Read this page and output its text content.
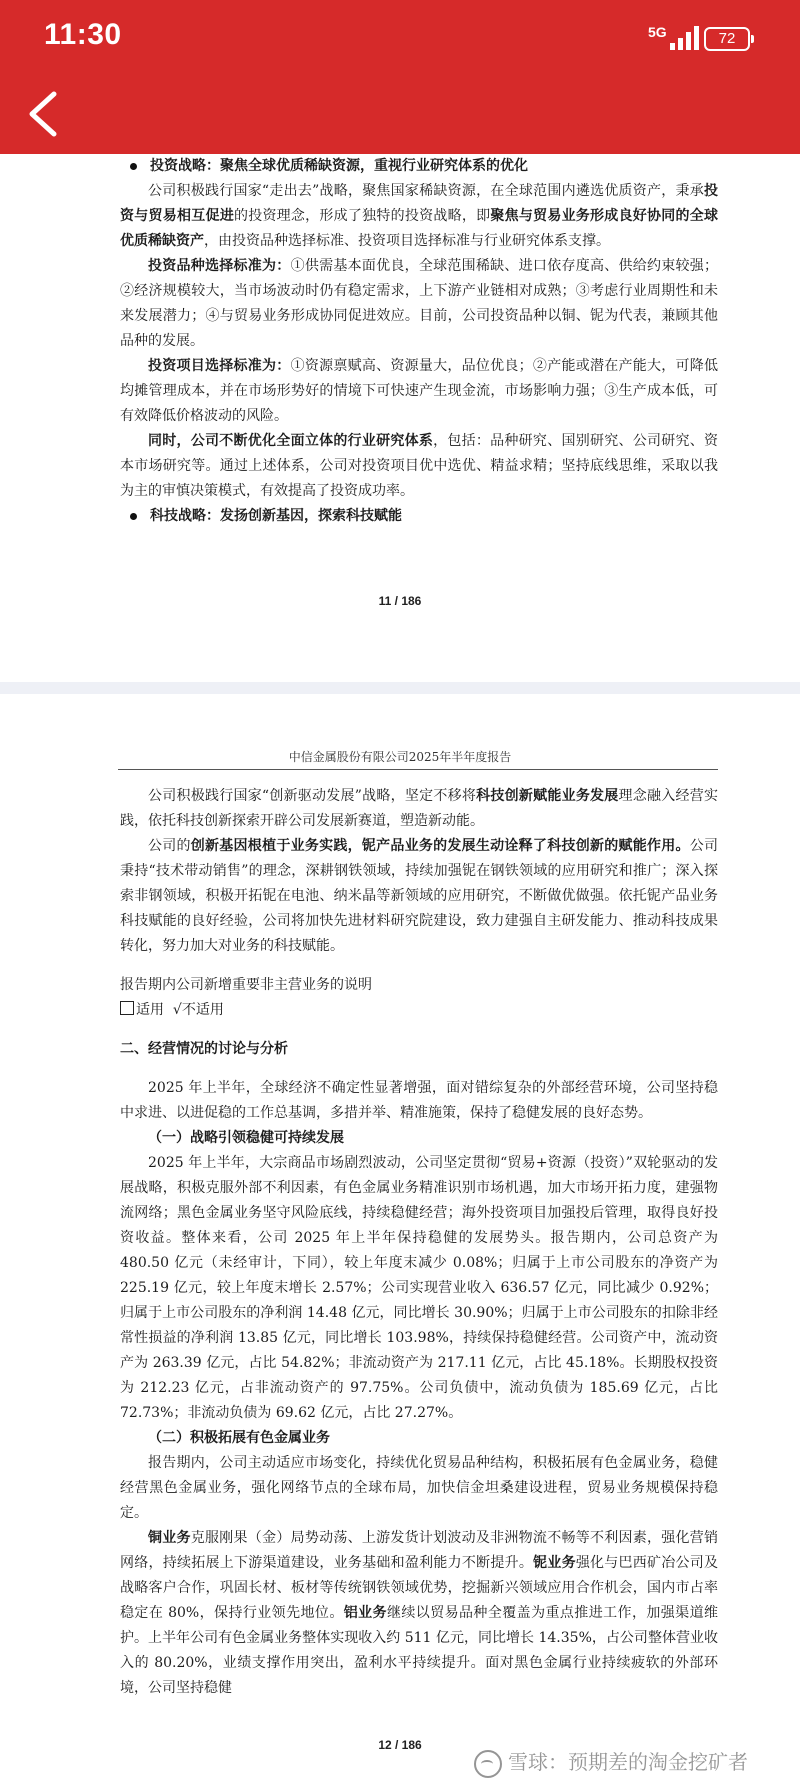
11:30	5G	72

投资战略：聚焦全球优质稀缺资源，重视行业研究体系的优化

公司积极践行国家“走出去”战略，聚焦国家稀缺资源，在全球范围内遴选优质资产，秉承投资与贸易相互促进的投资理念，形成了独特的投资战略，即聚焦与贸易业务形成良好协同的全球优质稀缺资产，由投资品种选择标准、投资项目选择标准与行业研究体系支撑。

投资品种选择标准为：①供需基本面优良，全球范围稀缺、进口依存度高、供给约束较强；②经济规模较大，当市场波动时仍有稳定需求，上下游产业链相对成熟；③考虑行业周期性和未来发展潜力；④与贸易业务形成协同促进效应。目前，公司投资品种以铜、铌为代表，兼顾其他品种的发展。

投资项目选择标准为：①资源禀赋高、资源量大，品位优良；②产能或潜在产能大，可降低均摊管理成本，并在市场形势好的情境下可快速产生现金流，市场影响力强；③生产成本低，可有效降低价格波动的风险。

同时，公司不断优化全面立体的行业研究体系，包括：品种研究、国别研究、公司研究、资本市场研究等。通过上述体系，公司对投资项目优中选优、精益求精；坚持底线思维，采取以我为主的审慎决策模式，有效提高了投资成功率。

科技战略：发扬创新基因，探索科技赋能

11 / 186
中信金属股份有限公司2025年半年度报告

公司积极践行国家“创新驱动发展”战略，坚定不移将科技创新赋能业务发展理念融入经营实践，依托科技创新探索开辟公司发展新赛道，塑造新动能。

公司的创新基因根植于业务实践，铌产品业务的发展生动诠释了科技创新的赋能作用。公司秉持“技术带动销售”的理念，深耕钢铁领域，持续加强铌在钢铁领域的应用研究和推广；深入探索非钢领域，积极开拓铌在电池、纳米晶等新领域的应用研究，不断做优做强。依托铌产品业务科技赋能的良好经验，公司将加快先进材料研究院建设，致力建强自主研发能力、推动科技成果转化，努力加大对业务的科技赋能。

报告期内公司新增重要非主营业务的说明

适用 √不适用

二、经营情况的讨论与分析

2025 年上半年，全球经济不确定性显著增强，面对错综复杂的外部经营环境，公司坚持稳中求进、以进促稳的工作总基调，多措并举、精准施策，保持了稳健发展的良好态势。

（一）战略引领稳健可持续发展

2025 年上半年，大宗商品市场剧烈波动，公司坚定贯彻“贸易+资源（投资）”双轮驱动的发展战略，积极克服外部不利因素，有色金属业务精准识别市场机遇，加大市场开拓力度，建强物流网络；黑色金属业务坚守风险底线，持续稳健经营；海外投资项目加强投后管理，取得良好投资收益。整体来看，公司 2025 年上半年保持稳健的发展势头。报告期内，公司总资产为 480.50 亿元（未经审计，下同），较上年度末减少 0.08%；归属于上市公司股东的净资产为 225.19 亿元，较上年度末增长 2.57%；公司实现营业收入 636.57 亿元，同比减少 0.92%；归属于上市公司股东的净利润 14.48 亿元，同比增长 30.90%；归属于上市公司股东的扣除非经常性损益的净利润 13.85 亿元，同比增长 103.98%，持续保持稳健经营。公司资产中，流动资产为 263.39 亿元，占比 54.82%；非流动资产为 217.11 亿元，占比 45.18%。长期股权投资为 212.23 亿元，占非流动资产的 97.75%。公司负债中，流动负债为 185.69 亿元，占比 72.73%；非流动负债为 69.62 亿元，占比 27.27%。

（二）积极拓展有色金属业务

报告期内，公司主动适应市场变化，持续优化贸易品种结构，积极拓展有色金属业务，稳健经营黑色金属业务，强化网络节点的全球布局，加快信金坦桑建设进程，贸易业务规模保持稳定。

铜业务克服刚果（金）局势动荡、上游发货计划波动及非洲物流不畅等不利因素，强化营销网络，持续拓展上下游渠道建设，业务基础和盈利能力不断提升。铌业务强化与巴西矿冶公司及战略客户合作，巩固长材、板材等传统钢铁领域优势，挖掘新兴领域应用合作机会，国内市占率稳定在 80%，保持行业领先地位。铝业务继续以贸易品种全覆盖为重点推进工作，加强渠道维护。上半年公司有色金属业务整体实现收入约 511 亿元，同比增长 14.35%，占公司整体营业收入的 80.20%，业绩支撑作用突出，盈利水平持续提升。面对黑色金属行业持续疲软的外部环境，公司坚持稳健

12 / 186
雪球：预期差的淘金挖矿者
